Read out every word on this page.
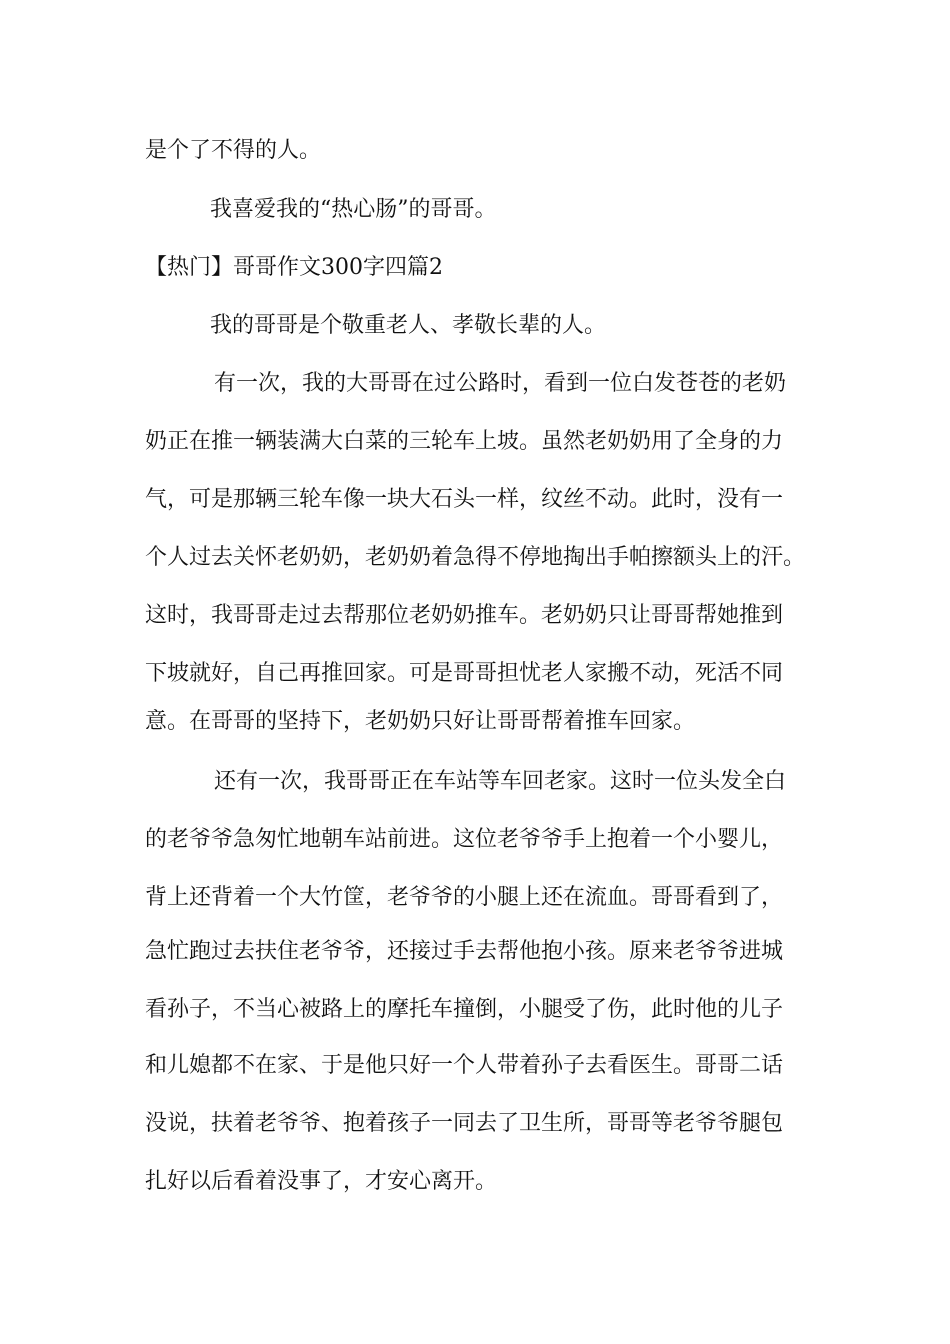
是个了不得的人。

我喜爱我的“热心肠”的哥哥。

【热门】哥哥作文300字四篇2

我的哥哥是个敬重老人、孝敬长辈的人。

有一次，我的大哥哥在过公路时，看到一位白发苍苍的老奶

奶正在推一辆装满大白菜的三轮车上坡。虽然老奶奶用了全身的力

气，可是那辆三轮车像一块大石头一样，纹丝不动。此时，没有一

个人过去关怀老奶奶，老奶奶着急得不停地掏出手帕擦额头上的汗。

这时，我哥哥走过去帮那位老奶奶推车。老奶奶只让哥哥帮她推到

下坡就好，自己再推回家。可是哥哥担忧老人家搬不动，死活不同

意。在哥哥的坚持下，老奶奶只好让哥哥帮着推车回家。

还有一次，我哥哥正在车站等车回老家。这时一位头发全白

的老爷爷急匆忙地朝车站前进。这位老爷爷手上抱着一个小婴儿，

背上还背着一个大竹筐，老爷爷的小腿上还在流血。哥哥看到了，

急忙跑过去扶住老爷爷，还接过手去帮他抱小孩。原来老爷爷进城

看孙子，不当心被路上的摩托车撞倒，小腿受了伤，此时他的儿子

和儿媳都不在家、于是他只好一个人带着孙子去看医生。哥哥二话

没说，扶着老爷爷、抱着孩子一同去了卫生所，哥哥等老爷爷腿包

扎好以后看着没事了，才安心离开。
